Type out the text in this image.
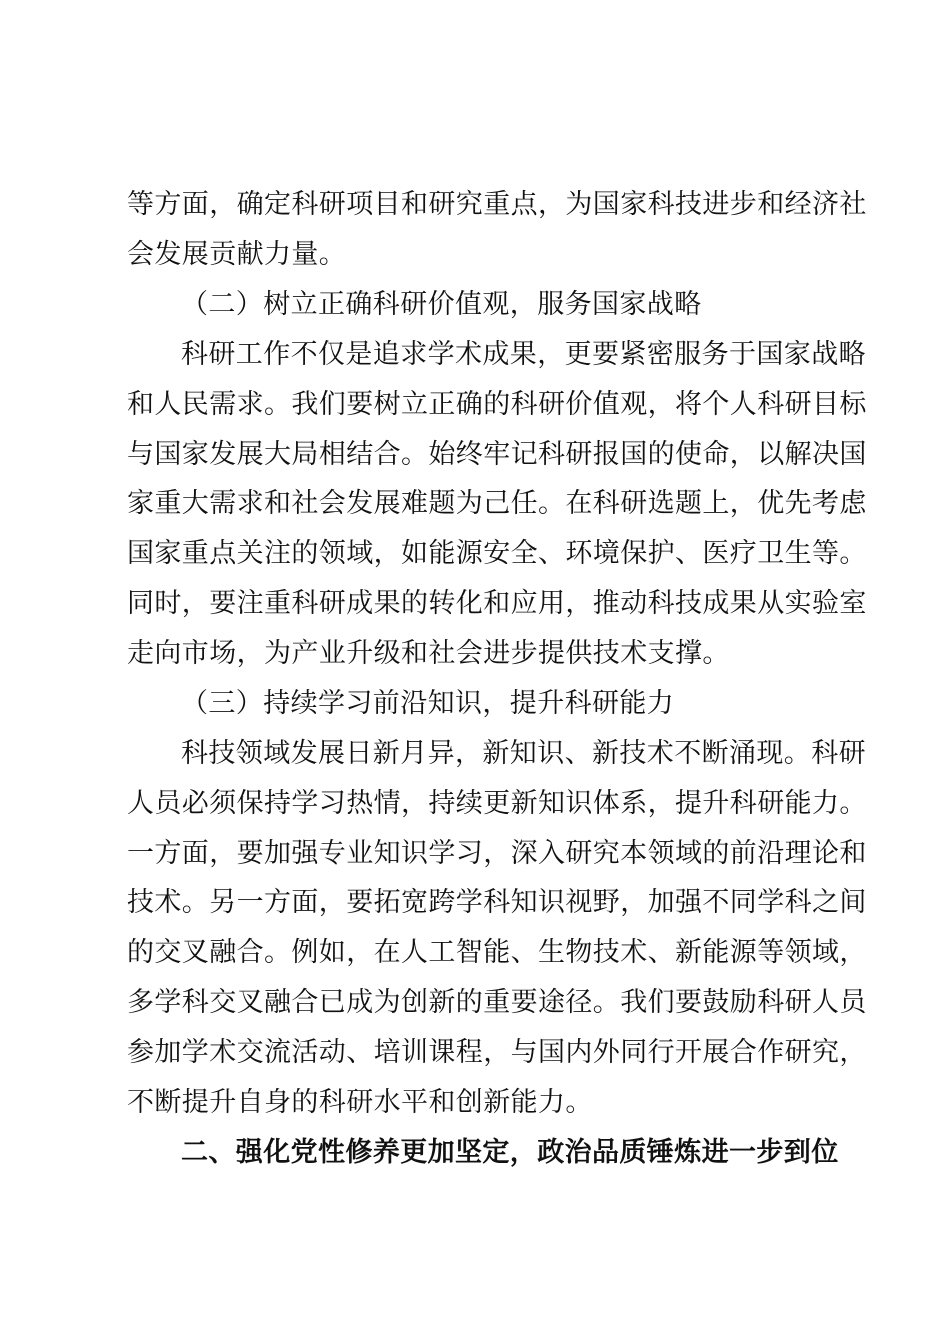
等方面，确定科研项目和研究重点，为国家科技进步和经济社
会发展贡献力量。
（二）树立正确科研价值观，服务国家战略
科研工作不仅是追求学术成果，更要紧密服务于国家战略
和人民需求。我们要树立正确的科研价值观，将个人科研目标
与国家发展大局相结合。始终牢记科研报国的使命，以解决国
家重大需求和社会发展难题为己任。在科研选题上，优先考虑
国家重点关注的领域，如能源安全、环境保护、医疗卫生等。
同时，要注重科研成果的转化和应用，推动科技成果从实验室
走向市场，为产业升级和社会进步提供技术支撑。
（三）持续学习前沿知识，提升科研能力
科技领域发展日新月异，新知识、新技术不断涌现。科研
人员必须保持学习热情，持续更新知识体系，提升科研能力。
一方面，要加强专业知识学习，深入研究本领域的前沿理论和
技术。另一方面，要拓宽跨学科知识视野，加强不同学科之间
的交叉融合。例如，在人工智能、生物技术、新能源等领域，
多学科交叉融合已成为创新的重要途径。我们要鼓励科研人员
参加学术交流活动、培训课程，与国内外同行开展合作研究，
不断提升自身的科研水平和创新能力。
二、强化党性修养更加坚定，政治品质锤炼进一步到位
